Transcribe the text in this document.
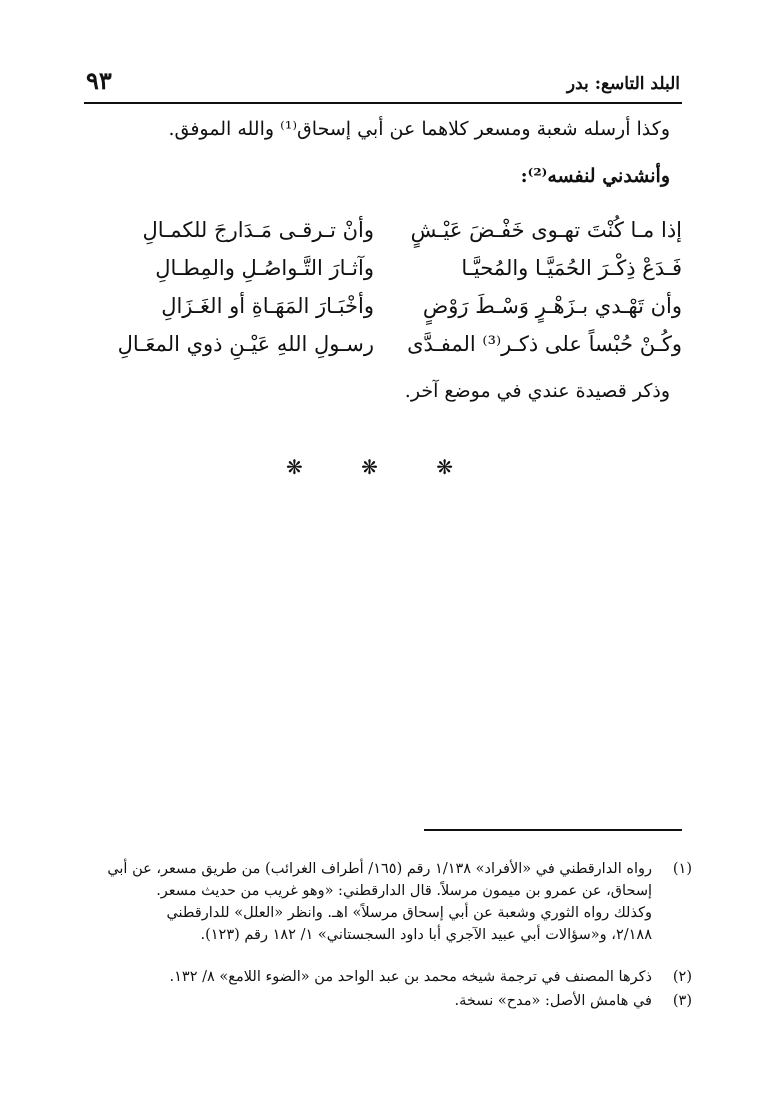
البلد التاسع: بدر
٩٣
وكذا أرسله شعبة ومسعر كلاهما عن أبي إسحاق⁽¹⁾ والله الموفق.
وأنشدني لنفسه⁽²⁾:
إذا مـا كُنْتَ تهـوى خَفْـضَ عَيْـشٍ
وأنْ تـرقـى مَـدَارجَ للكمـالِ
فَـدَعْ ذِكْـرَ الحُمَيَّـا والمُحيَّـا
وآثـارَ التَّـواصُـلِ والمِطـالِ
وأن تَهْـدي بـزَهْـرٍ وَسْـطَ رَوْضٍ
وأخْبَـارَ المَهَـاةِ أو الغَـزَالِ
وكُـنْ حُبْساً على ذكـر⁽³⁾ المفـدَّى
رسـولِ اللهِ عَيْـنِ ذوي المعَـالِ
وذكر قصيدة عندي في موضع آخر.
❋ ❋ ❋
(١)
رواه الدارقطني في «الأفراد» ١/١٣٨ رقم (١٦٥/ أطراف الغرائب) من طريق مسعر، عن أبي
إسحاق، عن عمرو بن ميمون مرسلاً. قال الدارقطني: «وهو غريب من حديث مسعر.
وكذلك رواه الثوري وشعبة عن أبي إسحاق مرسلاً» اهـ. وانظر «العلل» للدارقطني
٢/١٨٨، و«سؤالات أبي عبيد الآجري أبا داود السجستاني» ١/ ١٨٢ رقم (١٢٣).
(٢)
ذكرها المصنف في ترجمة شيخه محمد بن عبد الواحد من «الضوء اللامع» ٨/ ١٣٢.
(٣)
في هامش الأصل: «مدح» نسخة.
